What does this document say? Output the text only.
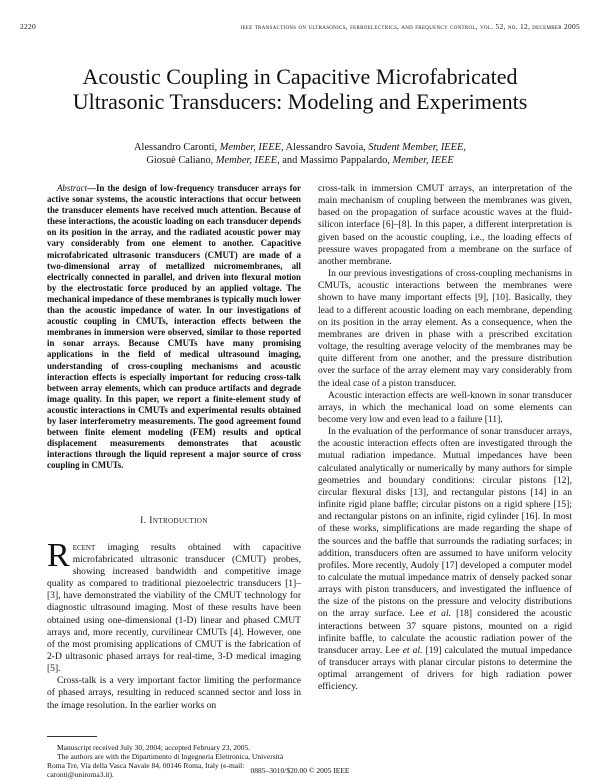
2220	ieee transactions on ultrasonics, ferroelectrics, and frequency control, vol. 52, no. 12, december 2005
Acoustic Coupling in Capacitive Microfabricated Ultrasonic Transducers: Modeling and Experiments
Alessandro Caronti, Member, IEEE, Alessandro Savoia, Student Member, IEEE,
Giosuè Caliano, Member, IEEE, and Massimo Pappalardo, Member, IEEE

Abstract—In the design of low-frequency transducer arrays for active sonar systems, the acoustic interactions that occur between the transducer elements have received much attention. Because of these interactions, the acoustic loading on each transducer depends on its position in the array, and the radiated acoustic power may vary considerably from one element to another. Capacitive microfabricated ultrasonic transducers (CMUT) are made of a two-dimensional array of metallized micromembranes, all electrically connected in parallel, and driven into flexural motion by the electrostatic force produced by an applied voltage. The mechanical impedance of these membranes is typically much lower than the acoustic impedance of water. In our investigations of acoustic coupling in CMUTs, interaction effects between the membranes in immersion were observed, similar to those reported in sonar arrays. Because CMUTs have many promising applications in the field of medical ultrasound imaging, understanding of cross-coupling mechanisms and acoustic interaction effects is especially important for reducing cross-talk between array elements, which can produce artifacts and degrade image quality. In this paper, we report a finite-element study of acoustic interactions in CMUTs and experimental results obtained by laser interferometry measurements. The good agreement found between finite element modeling (FEM) results and optical displacement measurements demonstrates that acoustic interactions through the liquid represent a major source of cross coupling in CMUTs.

I. Introduction

Recent imaging results obtained with capacitive microfabricated ultrasonic transducer (CMUT) probes, showing increased bandwidth and competitive image quality as compared to traditional piezoelectric transducers [1]–[3], have demonstrated the viability of the CMUT technology for diagnostic ultrasound imaging. Most of these results have been obtained using one-dimensional (1-D) linear and phased CMUT arrays and, more recently, curvilinear CMUTs [4]. However, one of the most promising applications of CMUT is the fabrication of 2-D ultrasonic phased arrays for real-time, 3-D medical imaging [5].

Cross-talk is a very important factor limiting the performance of phased arrays, resulting in reduced scanned sector and loss in the image resolution. In the earlier works on

cross-talk in immersion CMUT arrays, an interpretation of the main mechanism of coupling between the membranes was given, based on the propagation of surface acoustic waves at the fluid-silicon interface [6]–[8]. In this paper, a different interpretation is given based on the acoustic coupling, i.e., the loading effects of pressure waves propagated from a membrane on the surface of another membrane.

In our previous investigations of cross-coupling mechanisms in CMUTs, acoustic interactions between the membranes were shown to have many important effects [9], [10]. Basically, they lead to a different acoustic loading on each membrane, depending on its position in the array element. As a consequence, when the membranes are driven in phase with a prescribed excitation voltage, the resulting average velocity of the membranes may be quite different from one another, and the pressure distribution over the surface of the array element may vary considerably from the ideal case of a piston transducer.

Acoustic interaction effects are well-known in sonar transducer arrays, in which the mechanical load on some elements can become very low and even lead to a failure [11].

In the evaluation of the performance of sonar transducer arrays, the acoustic interaction effects often are investigated through the mutual radiation impedance. Mutual impedances have been calculated analytically or numerically by many authors for simple geometries and boundary conditions: circular pistons [12], circular flexural disks [13], and rectangular pistons [14] in an infinite rigid plane baffle; circular pistons on a rigid sphere [15]; and rectangular pistons on an infinite, rigid cylinder [16]. In most of these works, simplifications are made regarding the shape of the sources and the baffle that surrounds the radiating surfaces; in addition, transducers often are assumed to have uniform velocity profiles. More recently, Audoly [17] developed a computer model to calculate the mutual impedance matrix of densely packed sonar arrays with piston transducers, and investigated the influence of the size of the pistons on the pressure and velocity distributions on the array surface. Lee et al. [18] considered the acoustic interactions between 37 square pistons, mounted on a rigid infinite baffle, to calculate the acoustic radiation power of the transducer array. Lee et al. [19] calculated the mutual impedance of transducer arrays with planar circular pistons to determine the optimal arrangement of drivers for high radiation power efficiency.

Manuscript received July 30, 2004; accepted February 23, 2005.

The authors are with the Dipartimento di Ingegneria Elettronica, Università Roma Tre, Via della Vasca Navale 84, 00146 Roma, Italy (e-mail: caronti@uniroma3.it).	0885–3010/$20.00 © 2005 IEEE
